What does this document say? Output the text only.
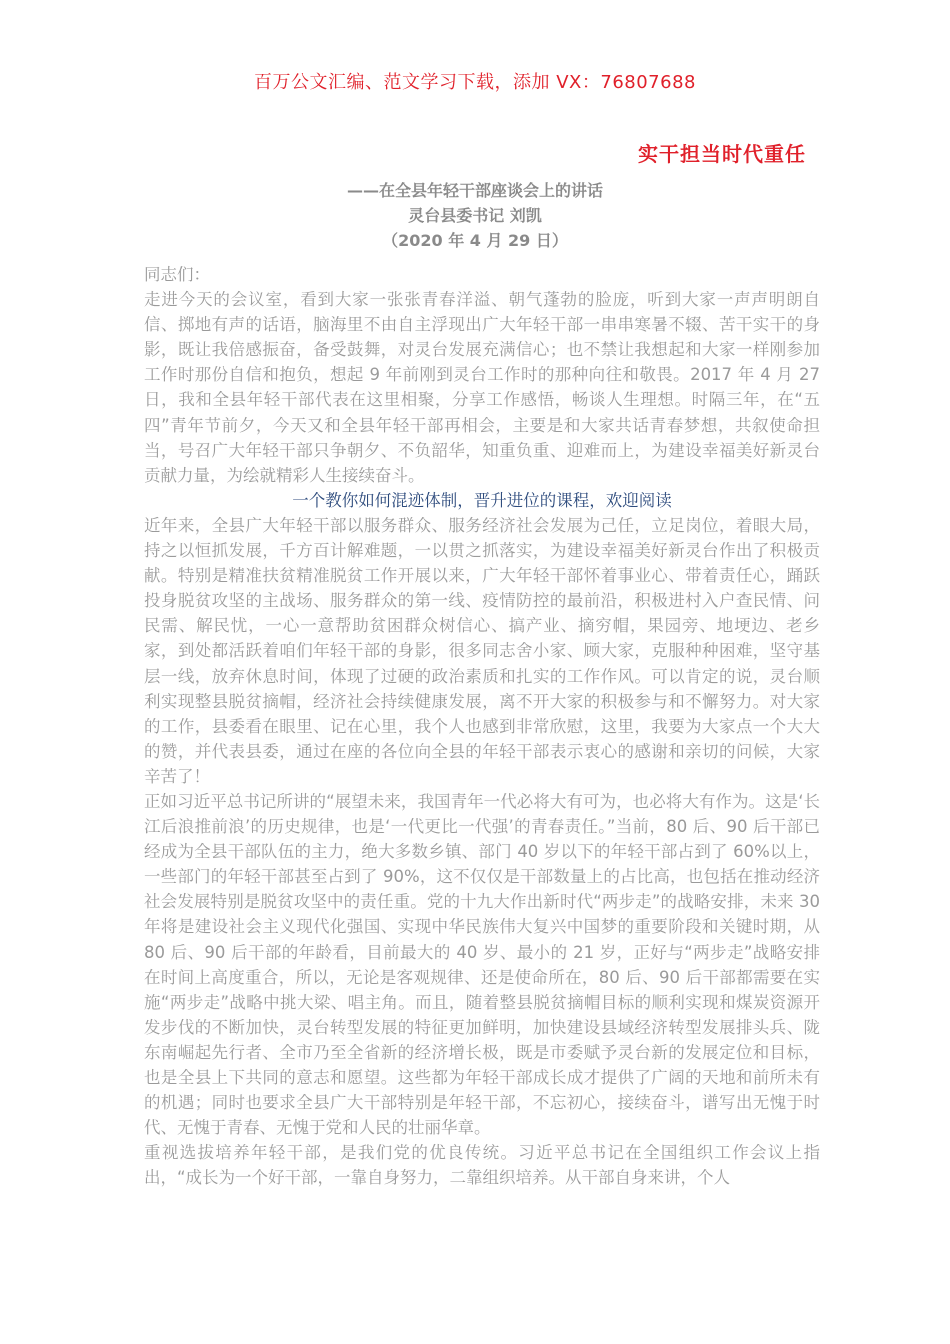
百万公文汇编、范文学习下载，添加 VX：76807688
实干担当时代重任
——在全县年轻干部座谈会上的讲话
灵台县委书记 刘凯
（2020 年 4 月 29 日）

同志们：

走进今天的会议室，看到大家一张张青春洋溢、朝气蓬勃的脸庞，听到大家一声声明朗自信、掷地有声的话语，脑海里不由自主浮现出广大年轻干部一串串寒暑不辍、苦干实干的身影，既让我倍感振奋，备受鼓舞，对灵台发展充满信心；也不禁让我想起和大家一样刚参加工作时那份自信和抱负，想起 9 年前刚到灵台工作时的那种向往和敬畏。2017 年 4 月 27 日，我和全县年轻干部代表在这里相聚，分享工作感悟，畅谈人生理想。时隔三年，在“五四”青年节前夕，今天又和全县年轻干部再相会，主要是和大家共话青春梦想，共叙使命担当，号召广大年轻干部只争朝夕、不负韶华，知重负重、迎难而上，为建设幸福美好新灵台贡献力量，为绘就精彩人生接续奋斗。

一个教你如何混迹体制，晋升进位的课程，欢迎阅读

近年来，全县广大年轻干部以服务群众、服务经济社会发展为己任，立足岗位，着眼大局，持之以恒抓发展，千方百计解难题，一以贯之抓落实，为建设幸福美好新灵台作出了积极贡献。特别是精准扶贫精准脱贫工作开展以来，广大年轻干部怀着事业心、带着责任心，踊跃投身脱贫攻坚的主战场、服务群众的第一线、疫情防控的最前沿，积极进村入户查民情、问民需、解民忧，一心一意帮助贫困群众树信心、搞产业、摘穷帽，果园旁、地埂边、老乡家，到处都活跃着咱们年轻干部的身影，很多同志舍小家、顾大家，克服种种困难，坚守基层一线，放弃休息时间，体现了过硬的政治素质和扎实的工作作风。可以肯定的说，灵台顺利实现整县脱贫摘帽，经济社会持续健康发展，离不开大家的积极参与和不懈努力。对大家的工作，县委看在眼里、记在心里，我个人也感到非常欣慰，这里，我要为大家点一个大大的赞，并代表县委，通过在座的各位向全县的年轻干部表示衷心的感谢和亲切的问候，大家辛苦了！

正如习近平总书记所讲的“展望未来，我国青年一代必将大有可为，也必将大有作为。这是‘长江后浪推前浪’的历史规律，也是‘一代更比一代强’的青春责任。”当前，80 后、90 后干部已经成为全县干部队伍的主力，绝大多数乡镇、部门 40 岁以下的年轻干部占到了 60%以上，一些部门的年轻干部甚至占到了 90%，这不仅仅是干部数量上的占比高，也包括在推动经济社会发展特别是脱贫攻坚中的责任重。党的十九大作出新时代“两步走”的战略安排，未来 30 年将是建设社会主义现代化强国、实现中华民族伟大复兴中国梦的重要阶段和关键时期，从 80 后、90 后干部的年龄看，目前最大的 40 岁、最小的 21 岁，正好与“两步走”战略安排在时间上高度重合，所以，无论是客观规律、还是使命所在，80 后、90 后干部都需要在实施“两步走”战略中挑大梁、唱主角。而且，随着整县脱贫摘帽目标的顺利实现和煤炭资源开发步伐的不断加快，灵台转型发展的特征更加鲜明，加快建设县域经济转型发展排头兵、陇东南崛起先行者、全市乃至全省新的经济增长极，既是市委赋予灵台新的发展定位和目标，也是全县上下共同的意志和愿望。这些都为年轻干部成长成才提供了广阔的天地和前所未有的机遇；同时也要求全县广大干部特别是年轻干部，不忘初心，接续奋斗，谱写出无愧于时代、无愧于青春、无愧于党和人民的壮丽华章。

重视选拔培养年轻干部，是我们党的优良传统。习近平总书记在全国组织工作会议上指出，“成长为一个好干部，一靠自身努力，二靠组织培养。从干部自身来讲，个人
